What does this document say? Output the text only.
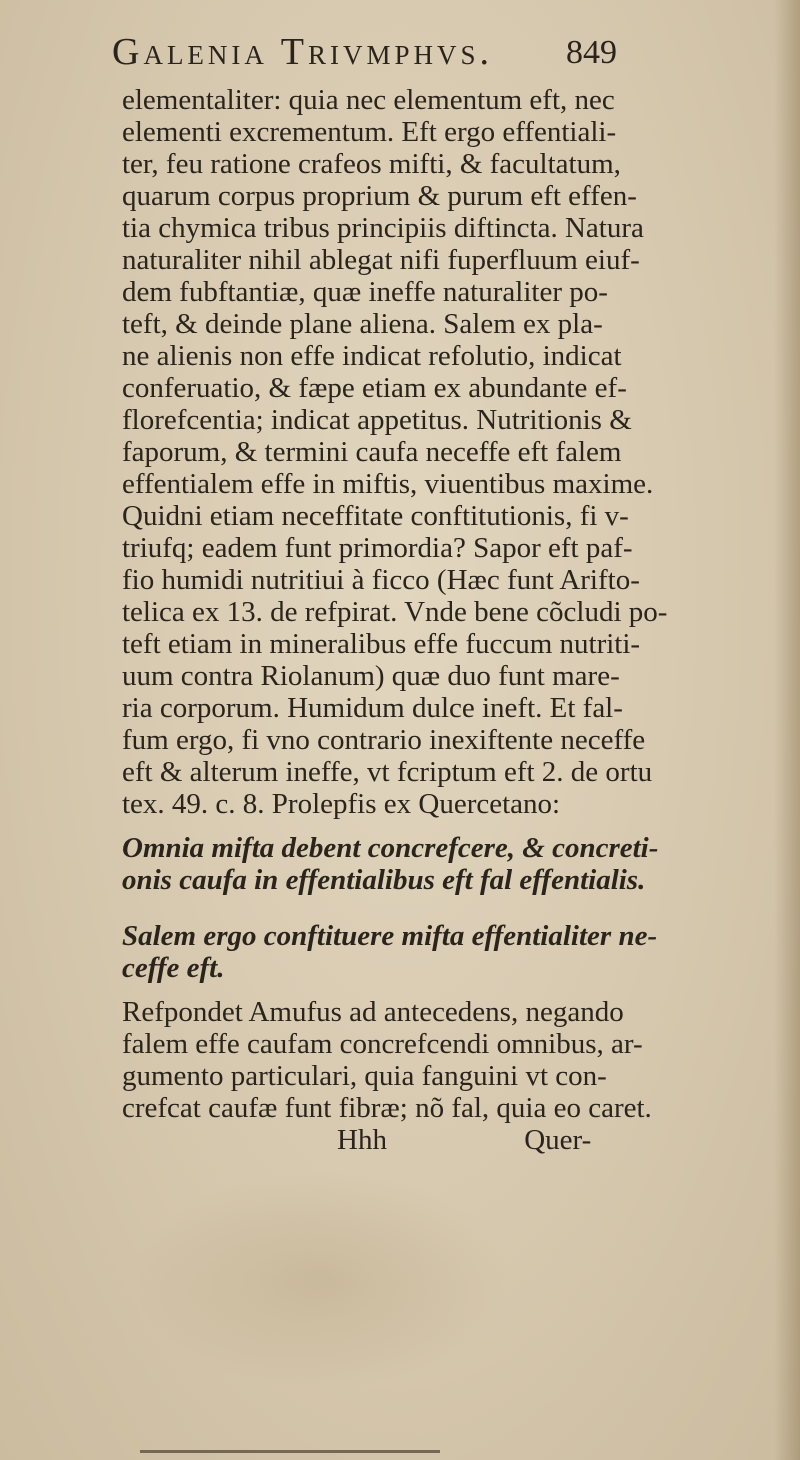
Galenia Trivmphvs. 849
elementaliter: quia nec elementum eft, nec
elementi excrementum. Eft ergo effentiali-
ter, feu ratione crafeos mifti, & facultatum,
quarum corpus proprium & purum eft effen-
tia chymica tribus principiis diftincta. Natura
naturaliter nihil ablegat nifi fuperfluum eiuf-
dem fubftantiæ, quæ ineffe naturaliter po-
teft, & deinde plane aliena. Salem ex pla-
ne alienis non effe indicat refolutio, indicat
conferuatio, & fæpe etiam ex abundante ef-
florefcentia; indicat appetitus. Nutritionis &
faporum, & termini caufa neceffe eft falem
effentialem effe in miftis, viuentibus maxime.
Quidni etiam neceffitate conftitutionis, fi v-
triufq; eadem funt primordia? Sapor eft paf-
fio humidi nutritiui à ficco (Hæc funt Arifto-
telica ex 13. de refpirat. Vnde bene cõcludi po-
teft etiam in mineralibus effe fuccum nutriti-
uum contra Riolanum) quæ duo funt mare-
ria corporum. Humidum dulce ineft. Et fal-
fum ergo, fi vno contrario inexiftente neceffe
eft & alterum ineffe, vt fcriptum eft 2. de ortu
tex. 49. c. 8. Prolepfis ex Quercetano:
Omnia mifta debent concrefcere, & concreti-
onis caufa in effentialibus eft fal effentialis.
Salem ergo conftituere mifta effentialiter ne-
ceffe eft.
Refpondet Amufus ad antecedens, negando
falem effe caufam concrefcendi omnibus, ar-
gumento particulari, quia fanguini vt con-
crefcat caufæ funt fibræ; nõ fal, quia eo caret.
Hhh	Quer-
